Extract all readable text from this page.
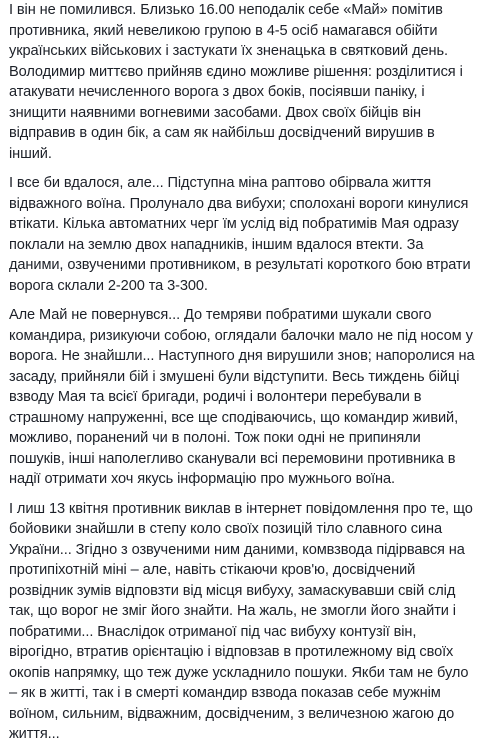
І він не помилився. Близько 16.00 неподалік себе «Май» помітив
противника, який невеликою групою в 4-5 осіб намагався обійти
українських військових і застукати їх зненацька в святковий день.
Володимир миттєво прийняв єдино можливе рішення: розділитися і
атакувати нечисленного ворога з двох боків, посіявши паніку, і
знищити наявними вогневими засобами. Двох своїх бійців він
відправив в один бік, а сам як найбільш досвідчений вирушив в
інший.
І все би вдалося, але... Підступна міна раптово обірвала життя
відважного воїна. Пролунало два вибухи; сполохані вороги кинулися
втікати. Кілька автоматних черг їм услід від побратимів Мая одразу
поклали на землю двох нападників, іншим вдалося втекти. За
даними, озвученими противником, в результаті короткого бою втрати
ворога склали 2-200 та 3-300.
Але Май не повернувся... До темряви побратими шукали свого
командира, ризикуючи собою, оглядали балочки мало не під носом у
ворога. Не знайшли... Наступного дня вирушили знов; напоролися на
засаду, прийняли бій і змушені були відступити. Весь тиждень бійці
взводу Мая та всієї бригади, родичі і волонтери перебували в
страшному напруженні, все ще сподіваючись, що командир живий,
можливо, поранений чи в полоні. Тож поки одні не припиняли
пошуків, інші наполегливо сканували всі перемовини противника в
надії отримати хоч якусь інформацію про мужнього воїна.
І лиш 13 квітня противник виклав в інтернет повідомлення про те, що
бойовики знайшли в степу коло своїх позицій тіло славного сина
України... Згідно з озвученими ним даними, комвзвода підірвався на
протипіхотній міні – але, навіть стікаючи кров'ю, досвідчений
розвідник зумів відповзти від місця вибуху, замаскувавши свій слід
так, що ворог не зміг його знайти. На жаль, не змогли його знайти і
побратими... Внаслідок отриманої під час вибуху контузії він,
вірогідно, втратив орієнтацію і відповзав в протилежному від своїх
окопів напрямку, що теж дуже ускладнило пошуки. Якби там не було
– як в житті, так і в смерті командир взвода показав себе мужнім
воїном, сильним, відважним, досвідченим, з величезною жагою до
життя...
